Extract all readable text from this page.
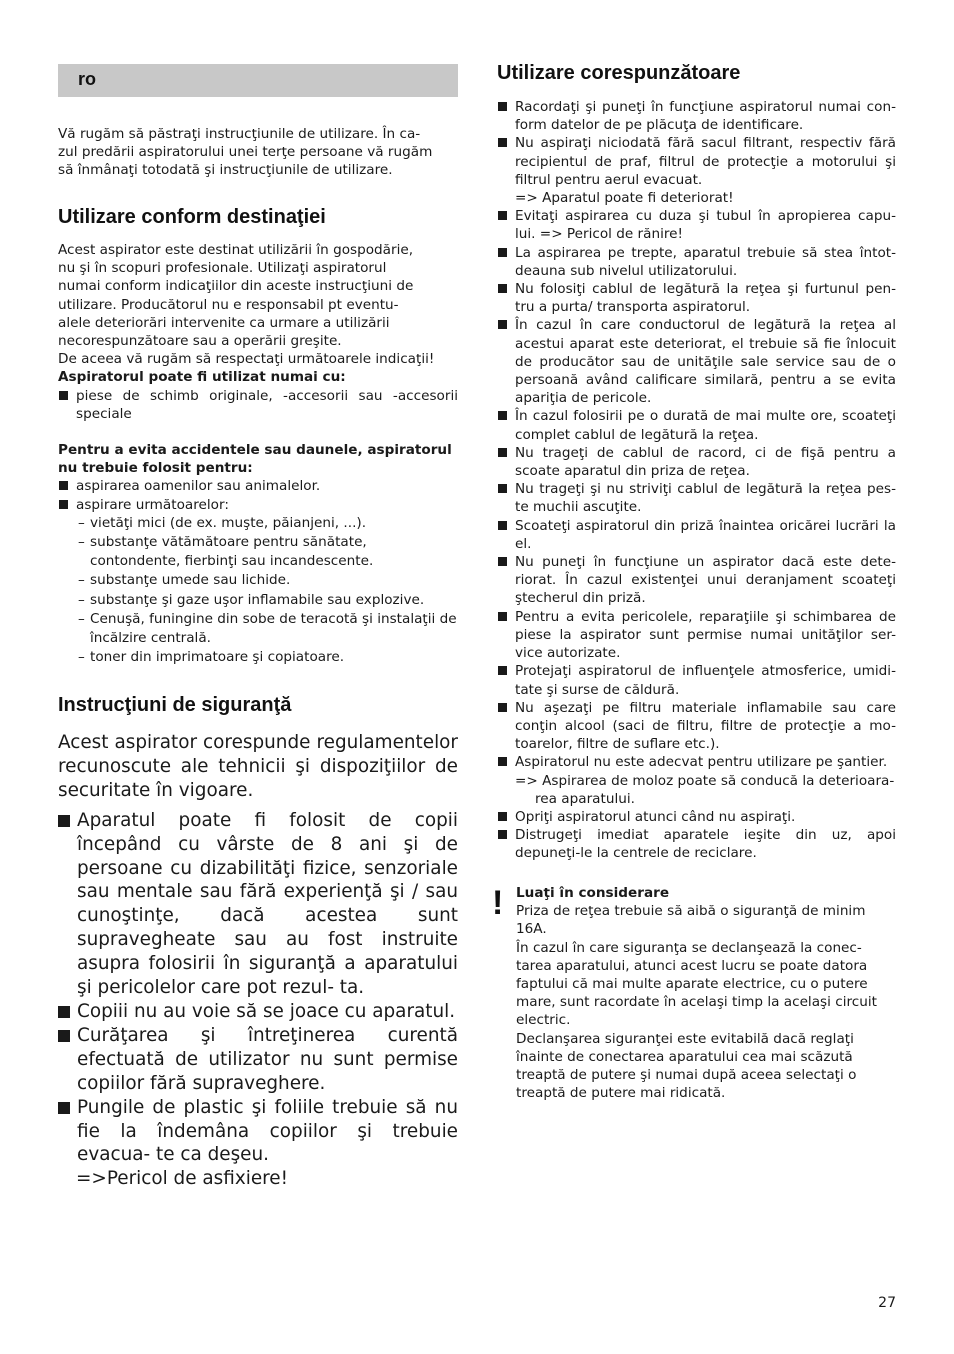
ro
Vă rugăm să păstraţi instrucţiunile de utilizare. În ca-
zul predării aspiratorului unei terţe persoane vă rugăm
să înmânaţi totodată şi instrucţiunile de utilizare.
Utilizare conform destinaţiei
Acest aspirator este destinat utilizării în gospodărie,
nu şi în scopuri profesionale. Utilizaţi aspiratorul
numai conform indicaţiilor din aceste instrucţiuni de
utilizare. Producătorul nu e responsabil pt eventu-
alele deteriorări intervenite ca urmare a utilizării
necorespunzătoare sau a operării greşite.
De aceea vă rugăm să respectaţi următoarele indicaţii!
Aspiratorul poate fi utilizat numai cu:
piese de schimb originale, -accesorii sau -accesorii speciale
Pentru a evita accidentele sau daunele, aspiratorul nu trebuie folosit pentru:
aspirarea oamenilor sau animalelor.
aspirare următoarelor:
– vietăţi mici (de ex. muşte, păianjeni, ...).
– substanţe vătămătoare pentru sănătate, contondente, fierbinţi sau incandescente.
– substanţe umede sau lichide.
– substanţe şi gaze uşor inflamabile sau explozive.
– Cenuşă, funingine din sobe de teracotă şi instalaţii de încălzire centrală.
– toner din imprimatoare şi copiatoare.
Instrucţiuni de siguranţă

Acest aspirator corespunde regulamentelor recunoscute ale tehnicii şi dispoziţiilor de securitate în vigoare.

Aparatul poate fi folosit de copii începând cu vârste de 8 ani şi de persoane cu dizabilităţi fizice, senzoriale sau mentale sau fără experienţă şi / sau cunoştinţe, dacă acestea sunt supravegheate sau au fost instruite asupra folosirii în siguranţă a aparatului şi pericolelor care pot rezul- ta.
Copiii nu au voie să se joace cu aparatul.
Curăţarea şi întreţinerea curentă efectuată de utilizator nu sunt permise copiilor fără supraveghere.
Pungile de plastic şi foliile trebuie să nu fie la îndemâna copiilor şi trebuie evacua- te ca deşeu.
=>Pericol de asfixiere!
Utilizare corespunzătoare
Racordaţi şi puneţi în funcţiune aspiratorul numai con- form datelor de pe plăcuţa de identificare.
Nu aspiraţi niciodată fără sacul filtrant, respectiv fără recipientul de praf, filtrul de protecţie a motorului şi filtrul pentru aerul evacuat.
=> Aparatul poate fi deteriorat!
Evitaţi aspirarea cu duza şi tubul în apropierea capu- lui. => Pericol de rănire!
La aspirarea pe trepte, aparatul trebuie să stea întot- deauna sub nivelul utilizatorului.
Nu folosiţi cablul de legătură la reţea şi furtunul pen- tru a purta/ transporta aspiratorul.
În cazul în care conductorul de legătură la reţea al acestui aparat este deteriorat, el trebuie să fie înlocuit de producător sau de unităţile sale service sau de o persoană având calificare similară, pentru a se evita apariţia de pericole.
În cazul folosirii pe o durată de mai multe ore, scoateţi complet cablul de legătură la reţea.
Nu trageţi de cablul de racord, ci de fişă pentru a scoate aparatul din priza de reţea.
Nu trageţi şi nu striviţi cablul de legătură la reţea pes- te muchii ascuţite.
Scoateţi aspiratorul din priză înaintea oricărei lucrări la el.
Nu puneţi în funcţiune un aspirator dacă este dete- riorat. În cazul existenţei unui deranjament scoateţi ştecherul din priză.
Pentru a evita pericolele, reparaţiile şi schimbarea de piese la aspirator sunt permise numai unităţilor ser- vice autorizate.
Protejaţi aspiratorul de influenţele atmosferice, umidi- tate şi surse de căldură.
Nu aşezaţi pe filtru materiale inflamabile sau care conţin alcool (saci de filtru, filtre de protecţie a mo- toarelor, filtre de suflare etc.).
Aspiratorul nu este adecvat pentru utilizare pe şantier.
=> Aspirarea de moloz poate să conducă la deterioara- rea aparatului.
Opriţi aspiratorul atunci când nu aspiraţi.
Distrugeţi imediat aparatele ieşite din uz, apoi depuneţi-le la centrele de reciclare.
Luaţi în considerare

Priza de reţea trebuie să aibă o siguranţă de minim 16A.

În cazul în care siguranţa se declanşează la conec- tarea aparatului, atunci acest lucru se poate datora faptului că mai multe aparate electrice, cu o putere mare, sunt racordate în acelaşi timp la acelaşi circuit electric.

Declanşarea siguranţei este evitabilă dacă reglaţi înainte de conectarea aparatului cea mai scăzută treaptă de putere şi numai după aceea selectaţi o treaptă de putere mai ridicată.

!
27
